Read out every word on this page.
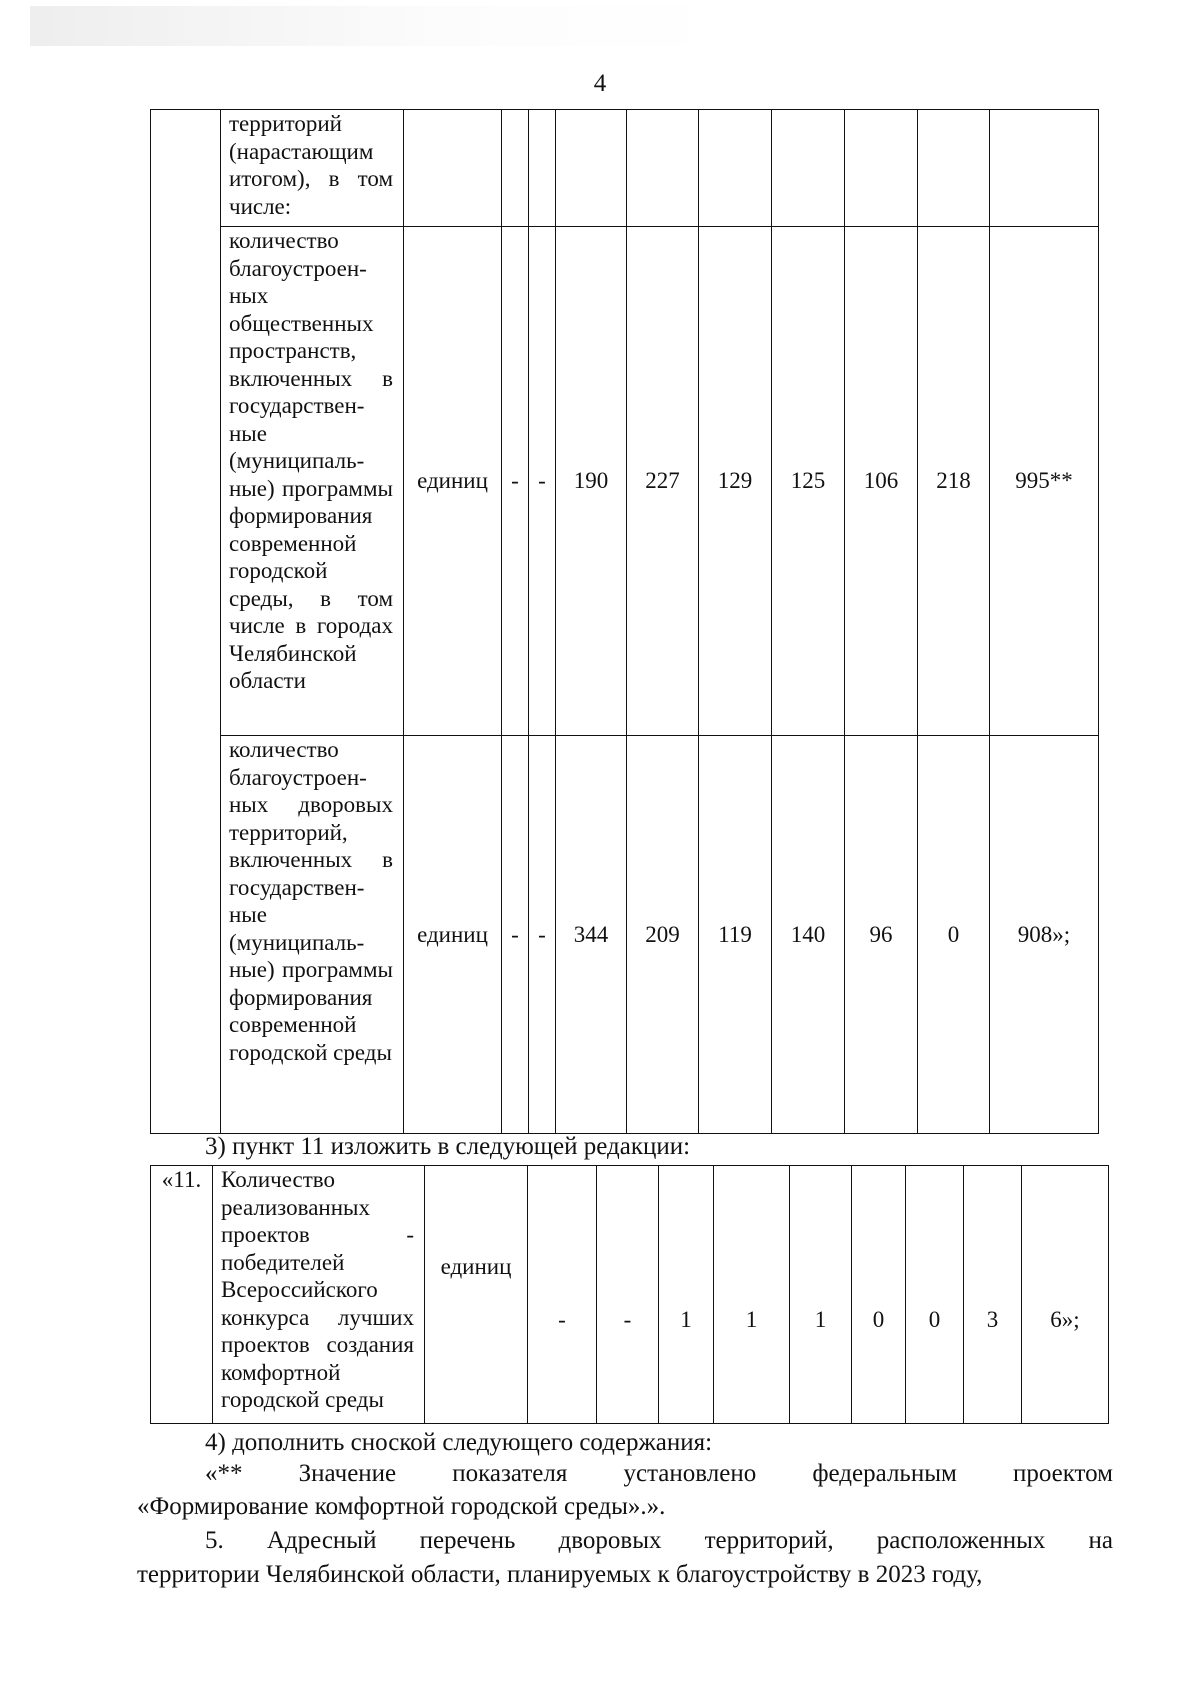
4
	территорий (нарастающим итогом), в том числе:										
	количество благоустроен-ных общественных пространств, включенных в государствен-ные (муниципаль-ные) программы формирования современной городской среды, в том числе в городах Челябинской области	единиц	-	-	190	227	129	125	106	218	995**
	количество благоустроен-ных дворовых территорий, включенных в государствен-ные (муниципаль-ные) программы формирования современной городской среды	единиц	-	-	344	209	119	140	96	0	908»;
3) пункт 11 изложить в следующей редакции:
«11.	Количество реализованных проектов - победителей Всероссийского конкурса лучших проектов создания комфортной городской среды	единиц	-	-	1	1	1	0	0	3	6»;
4) дополнить сноской следующего содержания:
«** Значение показателя установлено федеральным проектом
«Формирование комфортной городской среды».».
5. Адресный перечень дворовых территорий, расположенных на
территории Челябинской области, планируемых к благоустройству в 2023 году,
